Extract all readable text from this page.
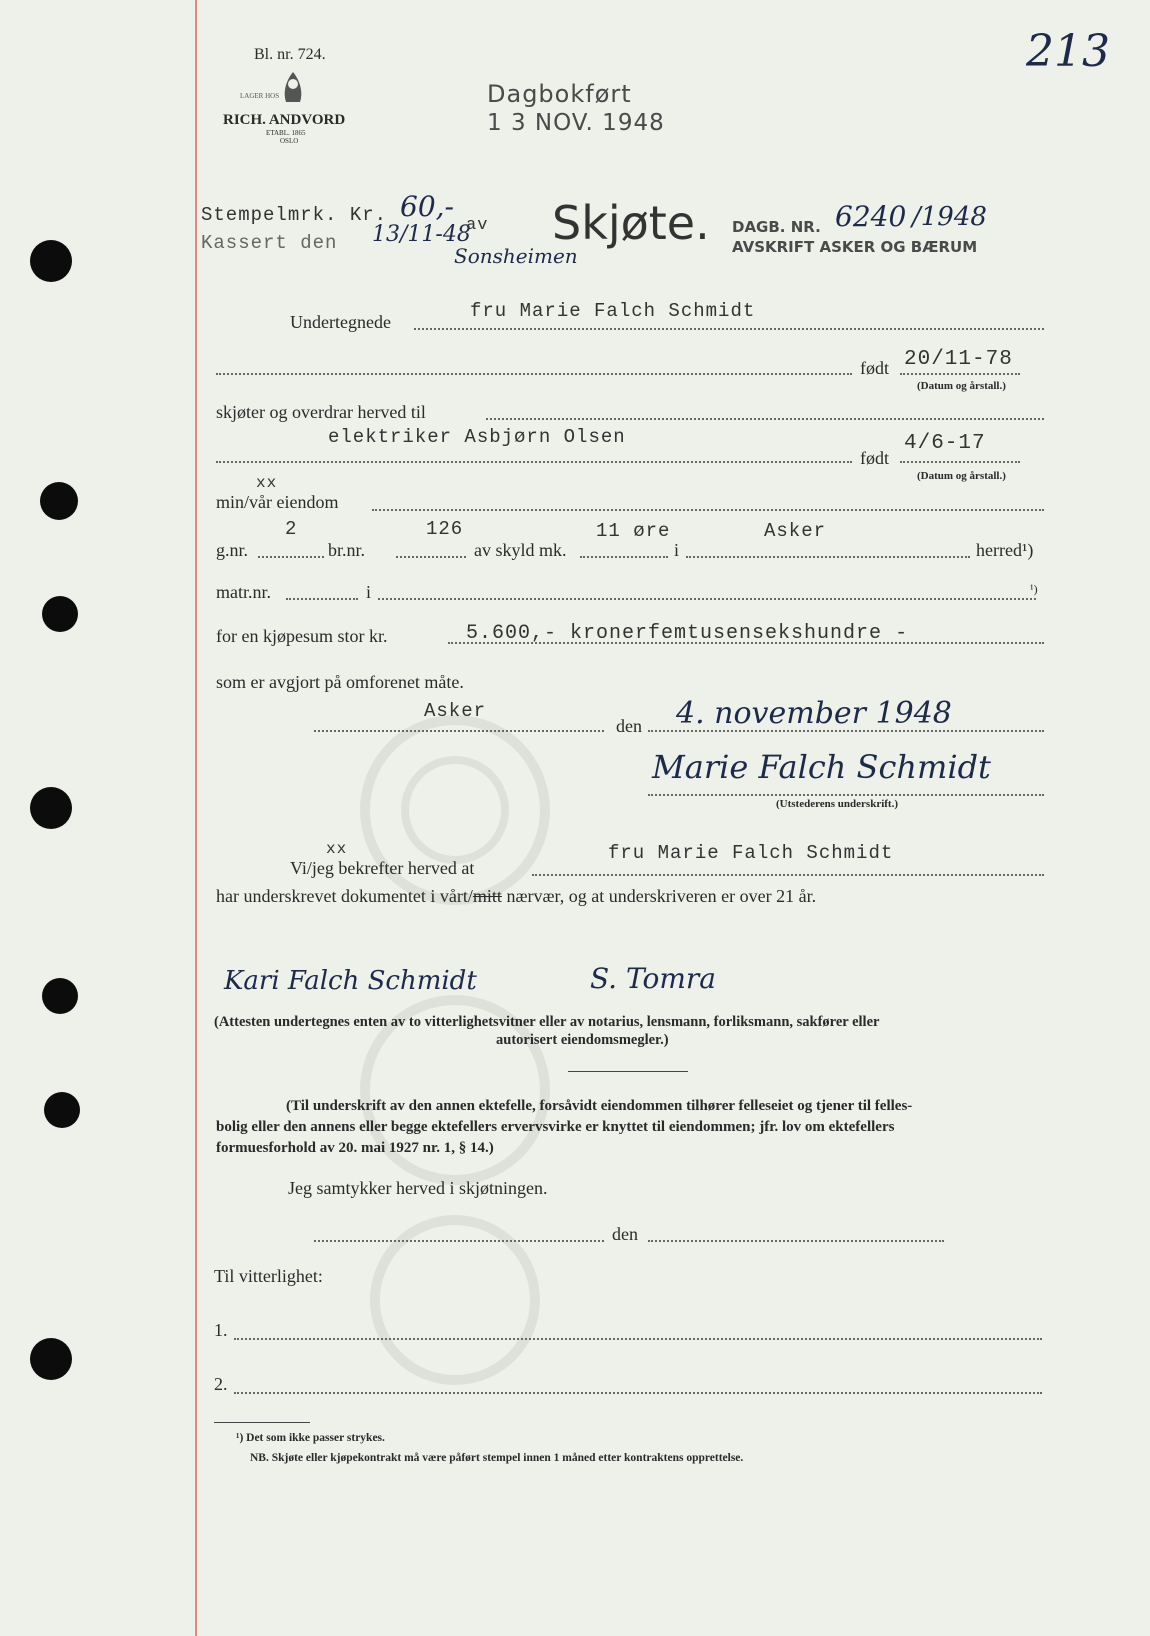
Bl. nr. 724.
LAGER HOS
RICH. ANDVORD
ETABL. 1865
OSLO
Dagbokført
1 3 NOV. 1948
213
Stempelmrk. Kr. 60,-
Kassert den 13/11-48
av
Sonsheimen
Skjøte. DAGB. NR. 6240 /1948
AVSKRIFT ASKER OG BÆRUM
Undertegnede	fru Marie Falch Schmidt
født 20/11-78
(Datum og årstall.)
skjøter og overdrar herved til
elektriker Asbjørn Olsen
født
4/6-17
(Datum og årstall.)
xx
min/vår eiendom
g.nr.
2
br.nr.
126
av skyld mk.
11 øre
i
Asker
herred¹)
matr.nr.	i	¹)
for en kjøpesum stor kr.	5.600,- kronerfemtusensekshundre -
som er avgjort på omforenet måte.
Asker
den 4. november 1948
Marie Falch Schmidt
(Utstederens underskrift.)
xx
Vi/jeg bekrefter herved at
fru Marie Falch Schmidt
har underskrevet dokumentet i vårt/mitt nærvær, og at underskriveren er over 21 år.
Kari Falch Schmidt	S. Tomra
(Attesten undertegnes enten av to vitterlighetsvitner eller av notarius, lensmann, forliksmann, sakfører eller
autorisert eiendomsmegler.)
(Til underskrift av den annen ektefelle, forsåvidt eiendommen tilhører felleseiet og tjener til felles-
bolig eller den annens eller begge ektefellers ervervsvirke er knyttet til eiendommen; jfr. lov om ektefellers
formuesforhold av 20. mai 1927 nr. 1, § 14.)
Jeg samtykker herved i skjøtningen.
den
Til vitterlighet:
1.
2.
¹) Det som ikke passer strykes.
NB. Skjøte eller kjøpekontrakt må være påført stempel innen 1 måned etter kontraktens opprettelse.
